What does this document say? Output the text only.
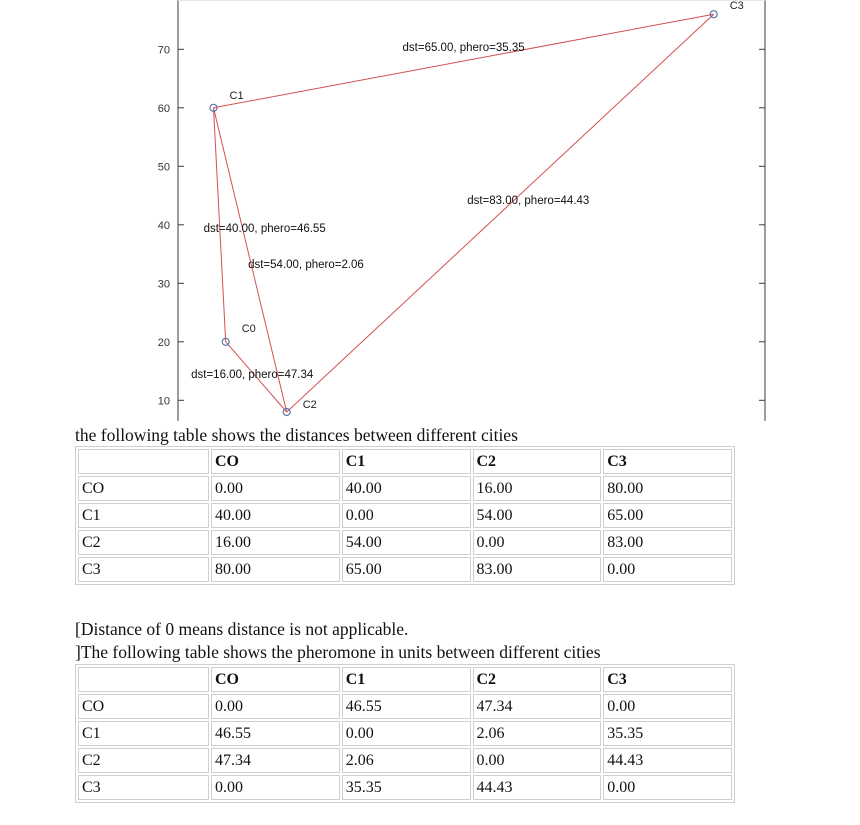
10
20
30
40
50
60
70	dst=65.00, phero=35.35
dst=83.00, phero=44.43
dst=40.00, phero=46.55
dst=54.00, phero=2.06
dst=16.00, phero=47.34
C0
C1
C2
C3
the following table shows the distances between different cities
	CO	C1	C2	C3
CO	0.00	40.00	16.00	80.00
C1	40.00	0.00	54.00	65.00
C2	16.00	54.00	0.00	83.00
C3	80.00	65.00	83.00	0.00
[Distance of 0 means distance is not applicable.
]The following table shows the pheromone in units between different cities
	CO	C1	C2	C3
CO	0.00	46.55	47.34	0.00
C1	46.55	0.00	2.06	35.35
C2	47.34	2.06	0.00	44.43
C3	0.00	35.35	44.43	0.00
